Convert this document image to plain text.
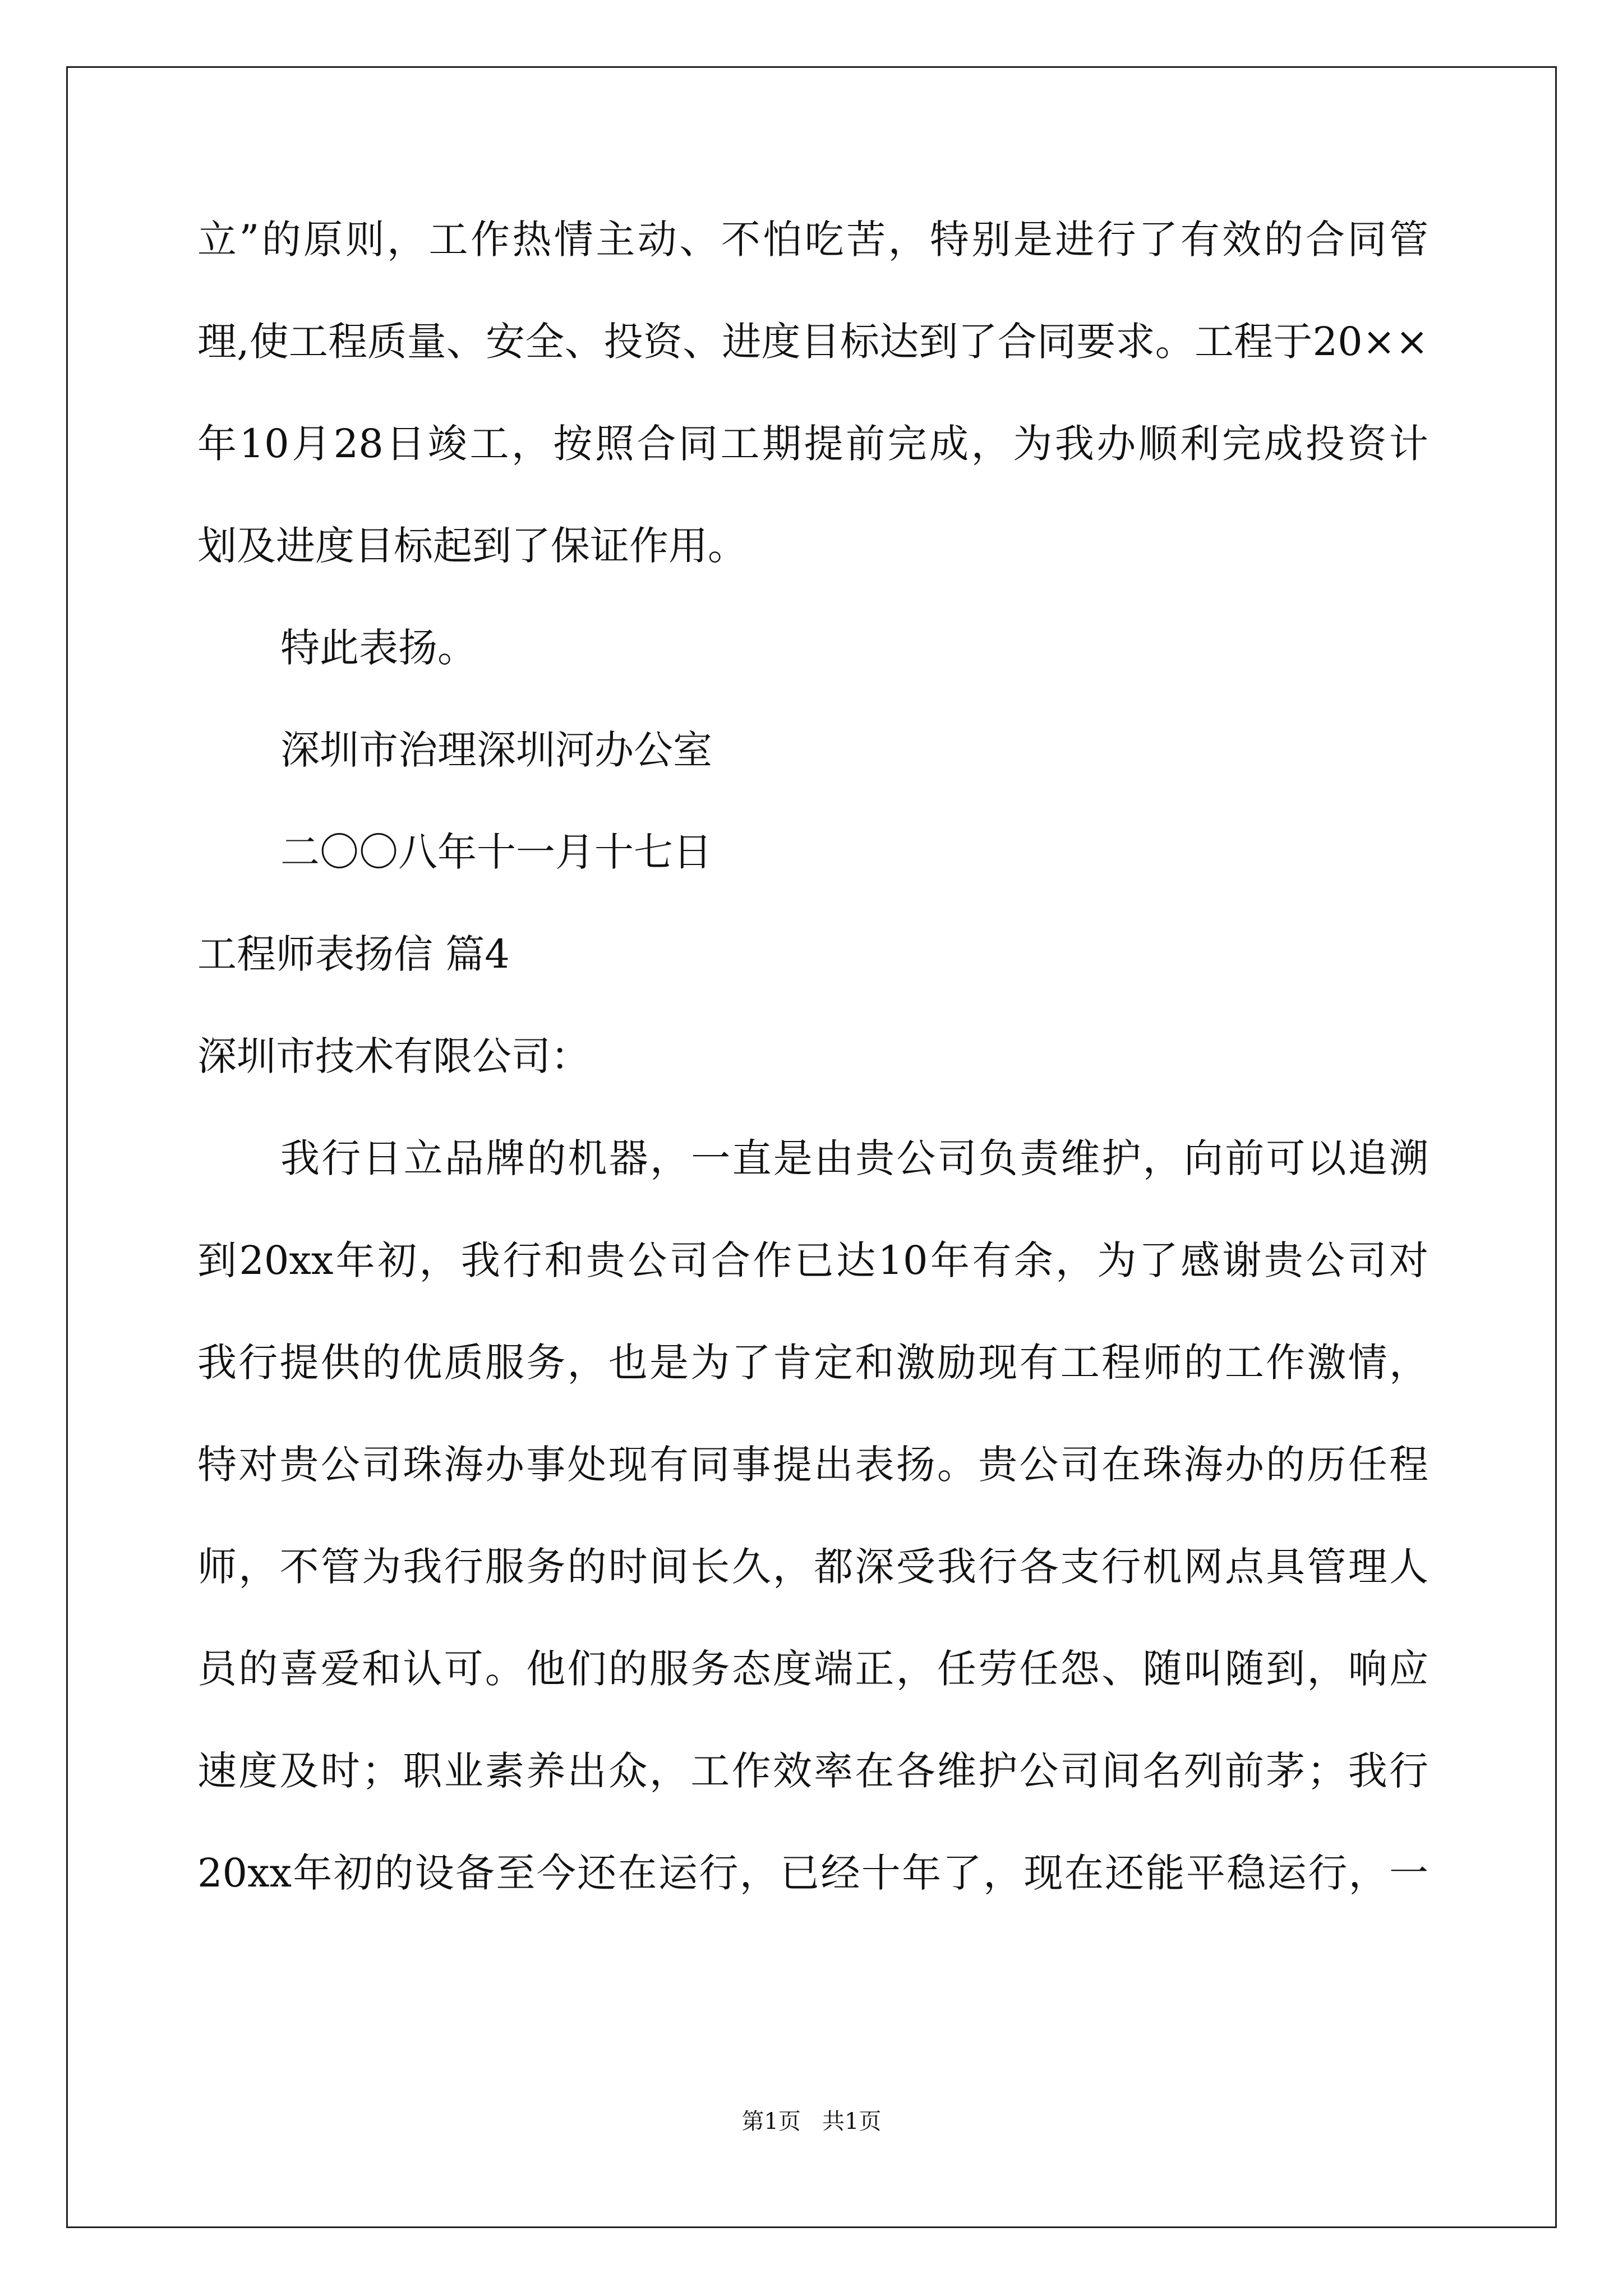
立”的原则，工作热情主动、不怕吃苦，特别是进行了有效的合同管
理,使工程质量、安全、投资、进度目标达到了合同要求。工程于20××
年10月28日竣工，按照合同工期提前完成，为我办顺利完成投资计
划及进度目标起到了保证作用。
特此表扬。
深圳市治理深圳河办公室
二〇〇八年十一月十七日
工程师表扬信 篇4
深圳市技术有限公司：
我行日立品牌的机器，一直是由贵公司负责维护，向前可以追溯
到20xx年初，我行和贵公司合作已达10年有余，为了感谢贵公司对
我行提供的优质服务，也是为了肯定和激励现有工程师的工作激情，
特对贵公司珠海办事处现有同事提出表扬。贵公司在珠海办的历任程
师，不管为我行服务的时间长久，都深受我行各支行机网点具管理人
员的喜爱和认可。他们的服务态度端正，任劳任怨、随叫随到，响应
速度及时；职业素养出众，工作效率在各维护公司间名列前茅；我行
20xx年初的设备至今还在运行，已经十年了，现在还能平稳运行，一
第1页   共1页
